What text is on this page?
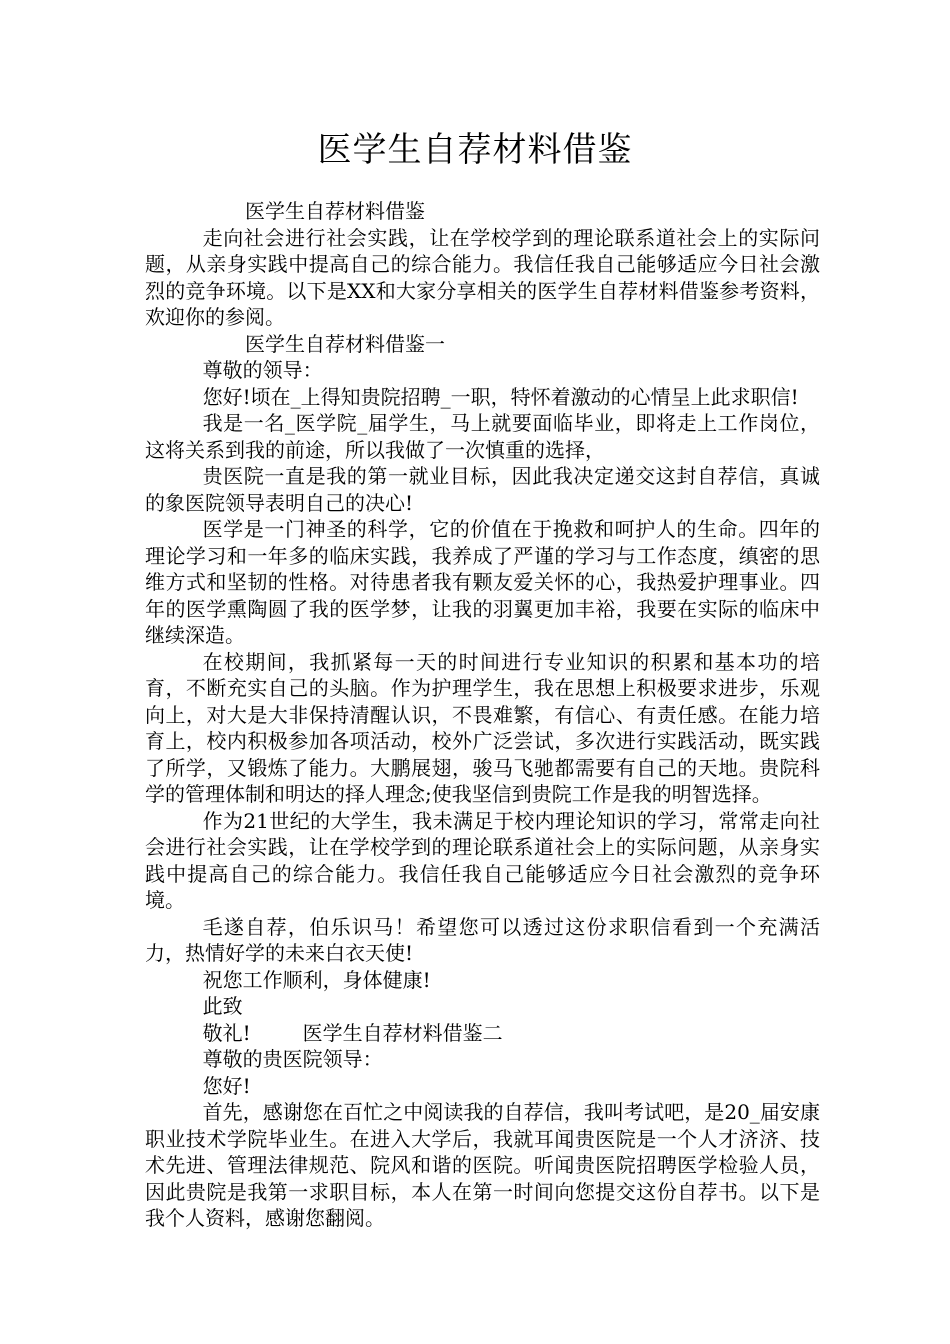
医学生自荐材料借鉴

医学生自荐材料借鉴

走向社会进行社会实践，让在学校学到的理论联系道社会上的实际问题，从亲身实践中提高自己的综合能力。我信任我自己能够适应今日社会激烈的竞争环境。以下是XX和大家分享相关的医学生自荐材料借鉴参考资料，欢迎你的参阅。

医学生自荐材料借鉴一

尊敬的领导：

您好!顷在_上得知贵院招聘_一职，特怀着激动的心情呈上此求职信!

我是一名_医学院_届学生，马上就要面临毕业，即将走上工作岗位，这将关系到我的前途，所以我做了一次慎重的选择，

贵医院一直是我的第一就业目标，因此我决定递交这封自荐信，真诚的象医院领导表明自己的决心!

医学是一门神圣的科学，它的价值在于挽救和呵护人的生命。四年的理论学习和一年多的临床实践，我养成了严谨的学习与工作态度，缜密的思维方式和坚韧的性格。对待患者我有颗友爱关怀的心，我热爱护理事业。四年的医学熏陶圆了我的医学梦，让我的羽翼更加丰裕，我要在实际的临床中继续深造。

在校期间，我抓紧每一天的时间进行专业知识的积累和基本功的培育，不断充实自己的头脑。作为护理学生，我在思想上积极要求进步，乐观向上，对大是大非保持清醒认识，不畏难繁，有信心、有责任感。在能力培育上，校内积极参加各项活动，校外广泛尝试，多次进行实践活动，既实践了所学，又锻炼了能力。大鹏展翅，骏马飞驰都需要有自己的天地。贵院科学的管理体制和明达的择人理念;使我坚信到贵院工作是我的明智选择。

作为21世纪的大学生，我未满足于校内理论知识的学习，常常走向社会进行社会实践，让在学校学到的理论联系道社会上的实际问题，从亲身实践中提高自己的综合能力。我信任我自己能够适应今日社会激烈的竞争环境。

毛遂自荐，伯乐识马！希望您可以透过这份求职信看到一个充满活力，热情好学的未来白衣天使!

祝您工作顺利，身体健康!

此致

敬礼!	医学生自荐材料借鉴二

尊敬的贵医院领导：

您好!

首先，感谢您在百忙之中阅读我的自荐信，我叫考试吧，是20_届安康职业技术学院毕业生。在进入大学后，我就耳闻贵医院是一个人才济济、技术先进、管理法律规范、院风和谐的医院。听闻贵医院招聘医学检验人员，因此贵院是我第一求职目标，本人在第一时间向您提交这份自荐书。以下是我个人资料，感谢您翻阅。
